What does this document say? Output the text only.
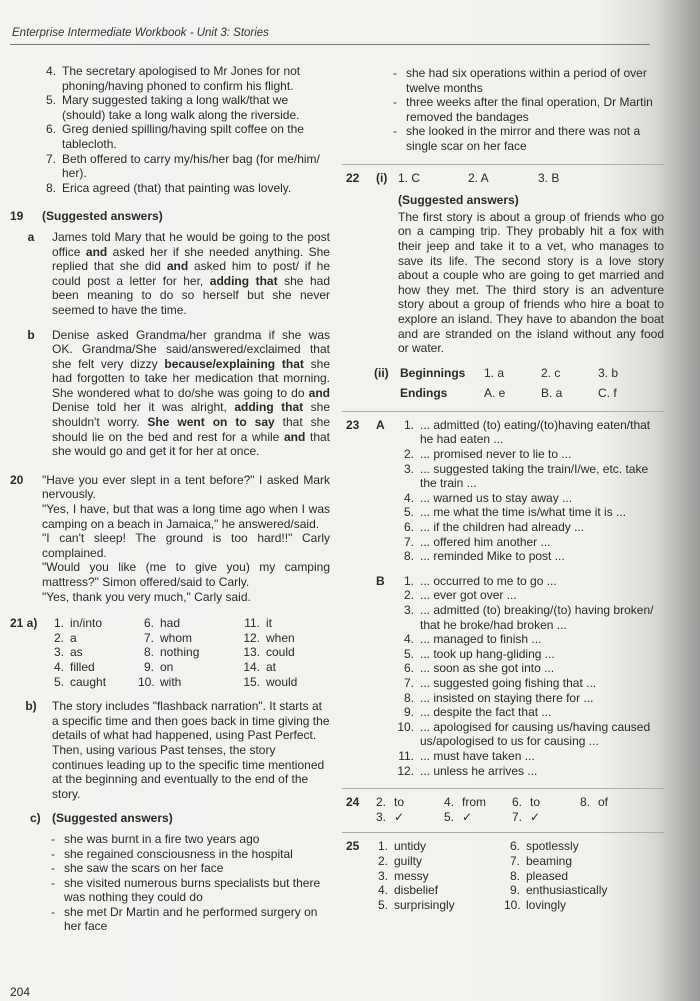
Enterprise Intermediate Workbook - Unit 3: Stories
4. The secretary apologised to Mr Jones for not phoning/having phoned to confirm his flight.
5. Mary suggested taking a long walk/that we (should) take a long walk along the riverside.
6. Greg denied spilling/having spilt coffee on the tablecloth.
7. Beth offered to carry my/his/her bag (for me/him/ her).
8. Erica agreed (that) that painting was lovely.
19	(Suggested answers)
a	James told Mary that he would be going to the post office and asked her if she needed anything. She replied that she did and asked him to post/ if he could post a letter for her, adding that she had been meaning to do so herself but she never seemed to have the time.
b	Denise asked Grandma/her grandma if she was OK. Grandma/She said/answered/exclaimed that she felt very dizzy because/explaining that she had forgotten to take her medication that morning. She wondered what to do/she was going to do and Denise told her it was alright, adding that she shouldn't worry. She went on to say that she should lie on the bed and rest for a while and that she would go and get it for her at once.
20	"Have you ever slept in a tent before?" I asked Mark nervously.
"Yes, I have, but that was a long time ago when I was camping on a beach in Jamaica," he answered/said.
"I can't sleep! The ground is too hard!!" Carly complained.
"Would you like (me to give you) my camping mattress?" Simon offered/said to Carly.
"Yes, thank you very much," Carly said.
21 a)	1. in/into	6. had	11. it
2. a	7. whom	12. when
3. as	8. nothing	13. could
4. filled	9. on	14. at
5. caught	10. with	15. would
b)	The story includes "flashback narration". It starts at a specific time and then goes back in time giving the details of what had happened, using Past Perfect. Then, using various Past tenses, the story continues leading up to the specific time mentioned at the beginning and eventually to the end of the story.
c) (Suggested answers)
- she was burnt in a fire two years ago
- she regained consciousness in the hospital
- she saw the scars on her face
- she visited numerous burns specialists but there was nothing they could do
- she met Dr Martin and he performed surgery on her face
- she had six operations within a period of over twelve months
- three weeks after the final operation, Dr Martin removed the bandages
- she looked in the mirror and there was not a single scar on her face
22	(i) 1. C	2. A	3. B
(Suggested answers)
The first story is about a group of friends who go on a camping trip. They probably hit a fox with their jeep and take it to a vet, who manages to save its life. The second story is a love story about a couple who are going to get married and how they met. The third story is an adventure story about a group of friends who hire a boat to explore an island. They have to abandon the boat and are stranded on the island without any food or water.
(ii) Beginnings	1. a	2. c	3. b
Endings	A. e	B. a	C. f
23	A	1. ... admitted (to) eating/(to)having eaten/that he had eaten ...
2. ... promised never to lie to ...
3. ... suggested taking the train/I/we, etc. take the train ...
4. ... warned us to stay away ...
5. ... me what the time is/what time it is ...
6. ... if the children had already ...
7. ... offered him another ...
8. ... reminded Mike to post ...
B	1. ... occurred to me to go ...
2. ... ever got over ...
3. ... admitted (to) breaking/(to) having broken/ that he broke/had broken ...
4. ... managed to finish ...
5. ... took up hang-gliding ...
6. ... soon as she got into ...
7. ... suggested going fishing that ...
8. ... insisted on staying there for ...
9. ... despite the fact that ...
10. ... apologised for causing us/having caused us/apologised to us for causing ...
11. ... must have taken ...
12. ... unless he arrives ...
24	2. to	4. from	6. to	8. of
3. ✓	5. ✓	7. ✓
25	1. untidy	6. spotlessly
2. guilty	7. beaming
3. messy	8. pleased
4. disbelief	9. enthusiastically
5. surprisingly	10. lovingly
204
